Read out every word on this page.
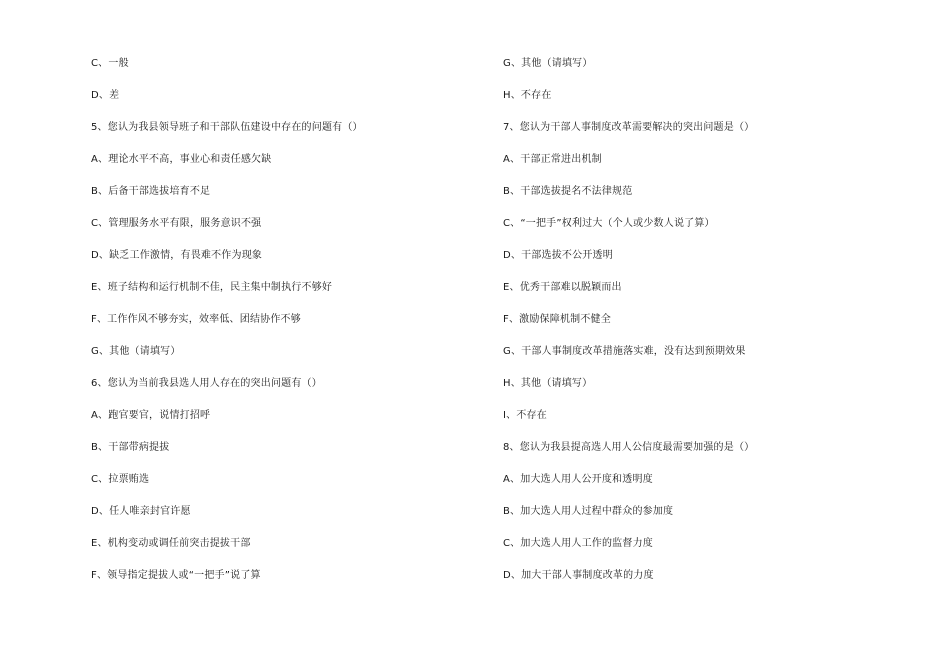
C、一般
D、差
5、您认为我县领导班子和干部队伍建设中存在的问题有（）
A、理论水平不高，事业心和责任感欠缺
B、后备干部选拔培育不足
C、管理服务水平有限，服务意识不强
D、缺乏工作激情，有畏难不作为现象
E、班子结构和运行机制不佳，民主集中制执行不够好
F、工作作风不够夯实，效率低、团结协作不够
G、其他（请填写）
6、您认为当前我县选人用人存在的突出问题有（）
A、跑官要官，说情打招呼
B、干部带病提拔
C、拉票贿选
D、任人唯亲封官许愿
E、机构变动或调任前突击提拔干部
F、领导指定提拔人或“一把手”说了算
G、其他（请填写）
H、不存在
7、您认为干部人事制度改革需要解决的突出问题是（）
A、干部正常进出机制
B、干部选拔提名不法律规范
C、“一把手”权利过大（个人或少数人说了算）
D、干部选拔不公开透明
E、优秀干部难以脱颖而出
F、激励保障机制不健全
G、干部人事制度改革措施落实难，没有达到预期效果
H、其他（请填写）
I、不存在
8、您认为我县提高选人用人公信度最需要加强的是（）
A、加大选人用人公开度和透明度
B、加大选人用人过程中群众的参加度
C、加大选人用人工作的监督力度
D、加大干部人事制度改革的力度
